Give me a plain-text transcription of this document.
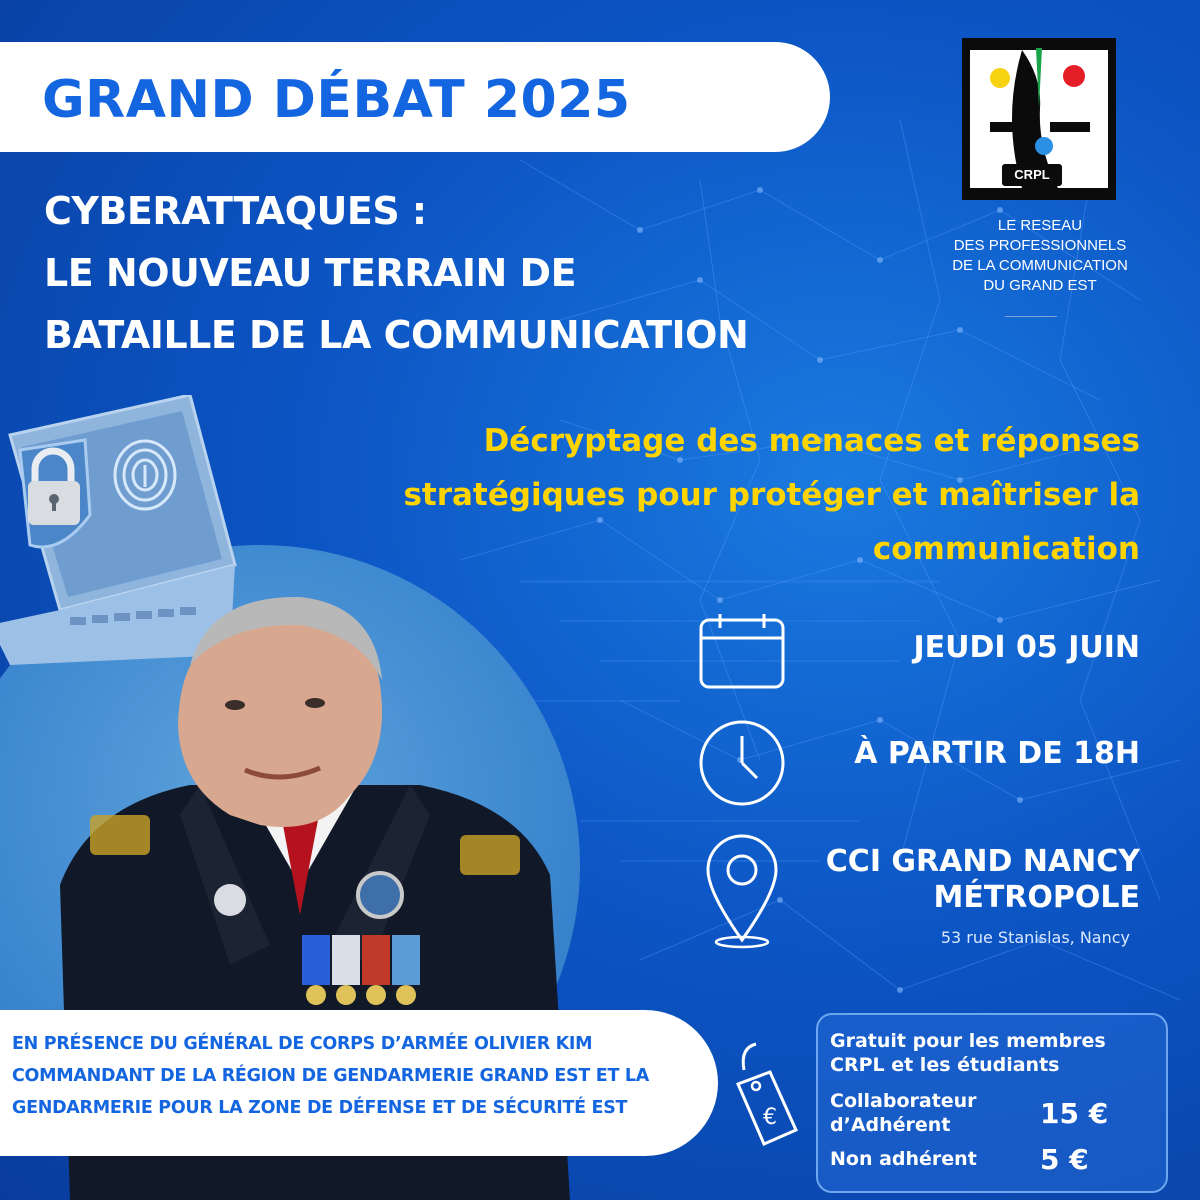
GRAND DÉBAT 2025
CYBERATTAQUES :
LE NOUVEAU TERRAIN DE
BATAILLE DE LA COMMUNICATION
Décryptage des menaces et réponses
stratégiques pour protéger et maîtriser la
communication
CRPL
LE RESEAU
DES PROFESSIONNELS
DE LA COMMUNICATION
DU GRAND EST
JEUDI 05 JUIN
À PARTIR DE 18H
CCI GRAND NANCY
MÉTROPOLE
53 rue Stanislas, Nancy
EN PRÉSENCE DU GÉNÉRAL DE CORPS D’ARMÉE OLIVIER KIM
COMMANDANT DE LA RÉGION DE GENDARMERIE GRAND EST ET LA
GENDARMERIE POUR LA ZONE DE DÉFENSE ET DE SÉCURITÉ EST	€
Gratuit pour les membres
CRPL et les étudiants
Collaborateur
d’Adhérent	15 €
Non adhérent 5 €
